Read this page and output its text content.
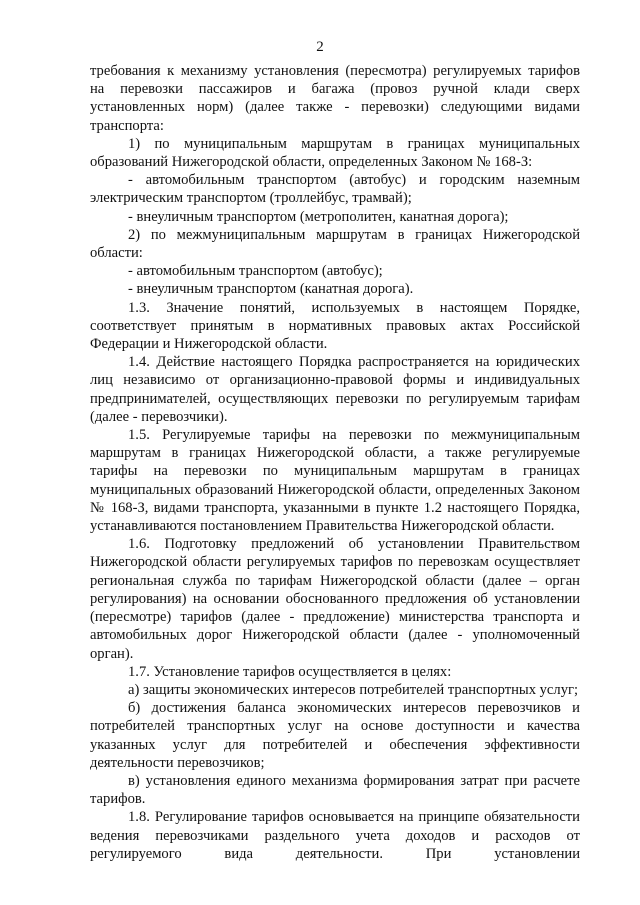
2

требования к механизму установления (пересмотра) регулируемых тарифов на перевозки пассажиров и багажа (провоз ручной клади сверх установленных норм) (далее также - перевозки) следующими видами транспорта:

1) по муниципальным маршрутам в границах муниципальных образований Нижегородской области, определенных Законом № 168-З:

- автомобильным транспортом (автобус) и городским наземным электрическим транспортом (троллейбус, трамвай);

- внеуличным транспортом (метрополитен, канатная дорога);

2) по межмуниципальным маршрутам в границах Нижегородской области:

- автомобильным транспортом (автобус);

- внеуличным транспортом (канатная дорога).

1.3. Значение понятий, используемых в настоящем Порядке, соответствует принятым в нормативных правовых актах Российской Федерации и Нижегородской области.

1.4. Действие настоящего Порядка распространяется на юридических лиц независимо от организационно-правовой формы и индивидуальных предпринимателей, осуществляющих перевозки по регулируемым тарифам (далее - перевозчики).

1.5. Регулируемые тарифы на перевозки по межмуниципальным маршрутам в границах Нижегородской области, а также регулируемые тарифы на перевозки по муниципальным маршрутам в границах муниципальных образований Нижегородской области, определенных Законом № 168-З, видами транспорта, указанными в пункте 1.2 настоящего Порядка, устанавливаются постановлением Правительства Нижегородской области.

1.6. Подготовку предложений об установлении Правительством Нижегородской области регулируемых тарифов по перевозкам осуществляет региональная служба по тарифам Нижегородской области (далее – орган регулирования) на основании обоснованного предложения об установлении (пересмотре) тарифов (далее - предложение) министерства транспорта и автомобильных дорог Нижегородской области (далее - уполномоченный орган).

1.7. Установление тарифов осуществляется в целях:

а) защиты экономических интересов потребителей транспортных услуг;

б) достижения баланса экономических интересов перевозчиков и потребителей транспортных услуг на основе доступности и качества указанных услуг для потребителей и обеспечения эффективности деятельности перевозчиков;

в) установления единого механизма формирования затрат при расчете тарифов.

1.8. Регулирование тарифов основывается на принципе обязательности ведения перевозчиками раздельного учета доходов и расходов от регулируемого вида деятельности. При установлении
